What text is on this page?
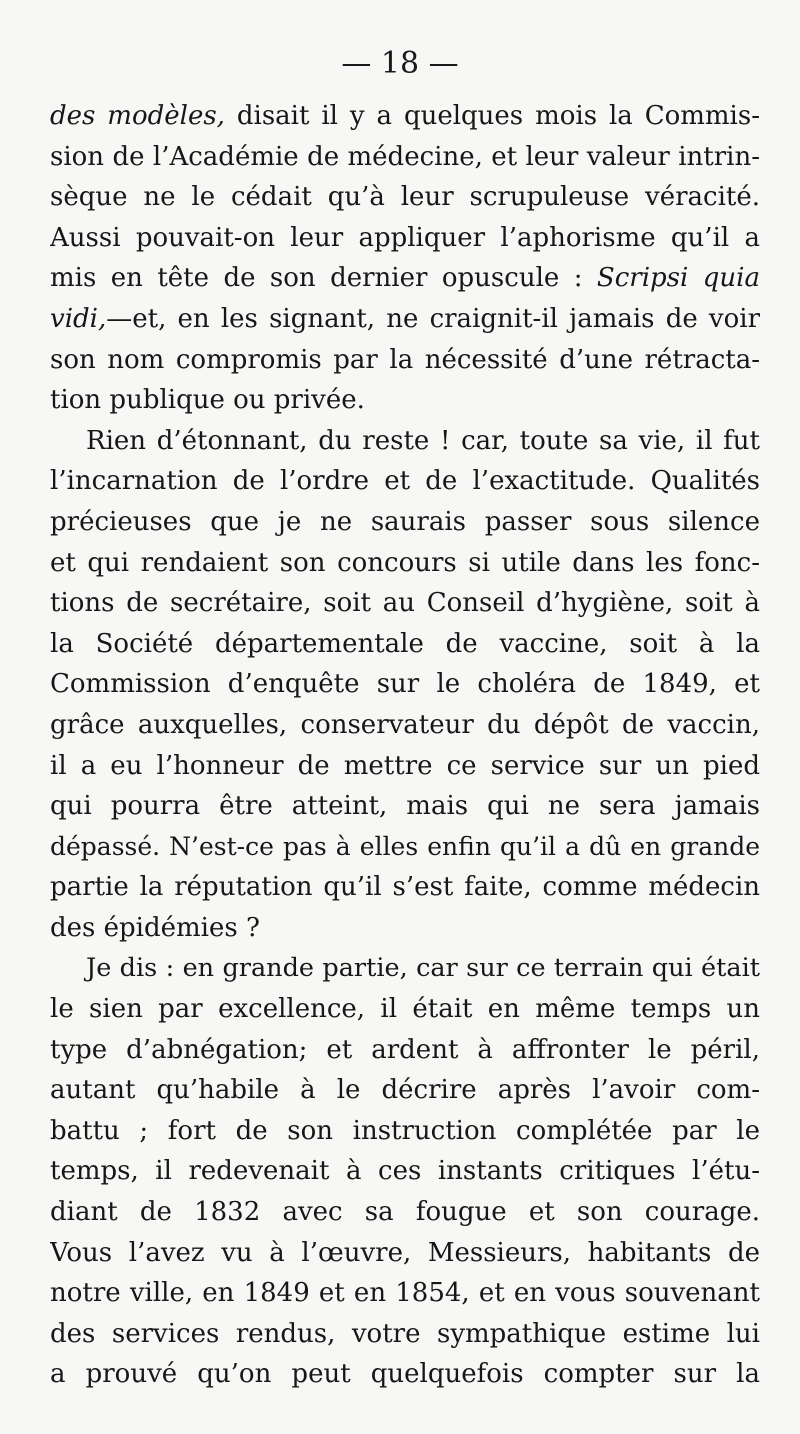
— 18 —
des modèles, disait il y a quelques mois la Commis-
sion de l’Académie de médecine, et leur valeur intrin-
sèque ne le cédait qu’à leur scrupuleuse véracité.
Aussi pouvait-on leur appliquer l’aphorisme qu’il a
mis en tête de son dernier opuscule : Scripsi quia
vidi,—et, en les signant, ne craignit-il jamais de voir
son nom compromis par la nécessité d’une rétracta-
tion publique ou privée.
Rien d’étonnant, du reste ! car, toute sa vie, il fut
l’incarnation de l’ordre et de l’exactitude. Qualités
précieuses que je ne saurais passer sous silence
et qui rendaient son concours si utile dans les fonc-
tions de secrétaire, soit au Conseil d’hygiène, soit à
la Société départementale de vaccine, soit à la
Commission d’enquête sur le choléra de 1849, et
grâce auxquelles, conservateur du dépôt de vaccin,
il a eu l’honneur de mettre ce service sur un pied
qui pourra être atteint, mais qui ne sera jamais
dépassé. N’est-ce pas à elles enfin qu’il a dû en grande
partie la réputation qu’il s’est faite, comme médecin
des épidémies ?
Je dis : en grande partie, car sur ce terrain qui était
le sien par excellence, il était en même temps un
type d’abnégation; et ardent à affronter le péril,
autant qu’habile à le décrire après l’avoir com-
battu ; fort de son instruction complétée par le
temps, il redevenait à ces instants critiques l’étu-
diant de 1832 avec sa fougue et son courage.
Vous l’avez vu à l’œuvre, Messieurs, habitants de
notre ville, en 1849 et en 1854, et en vous souvenant
des services rendus, votre sympathique estime lui
a prouvé qu’on peut quelquefois compter sur la
